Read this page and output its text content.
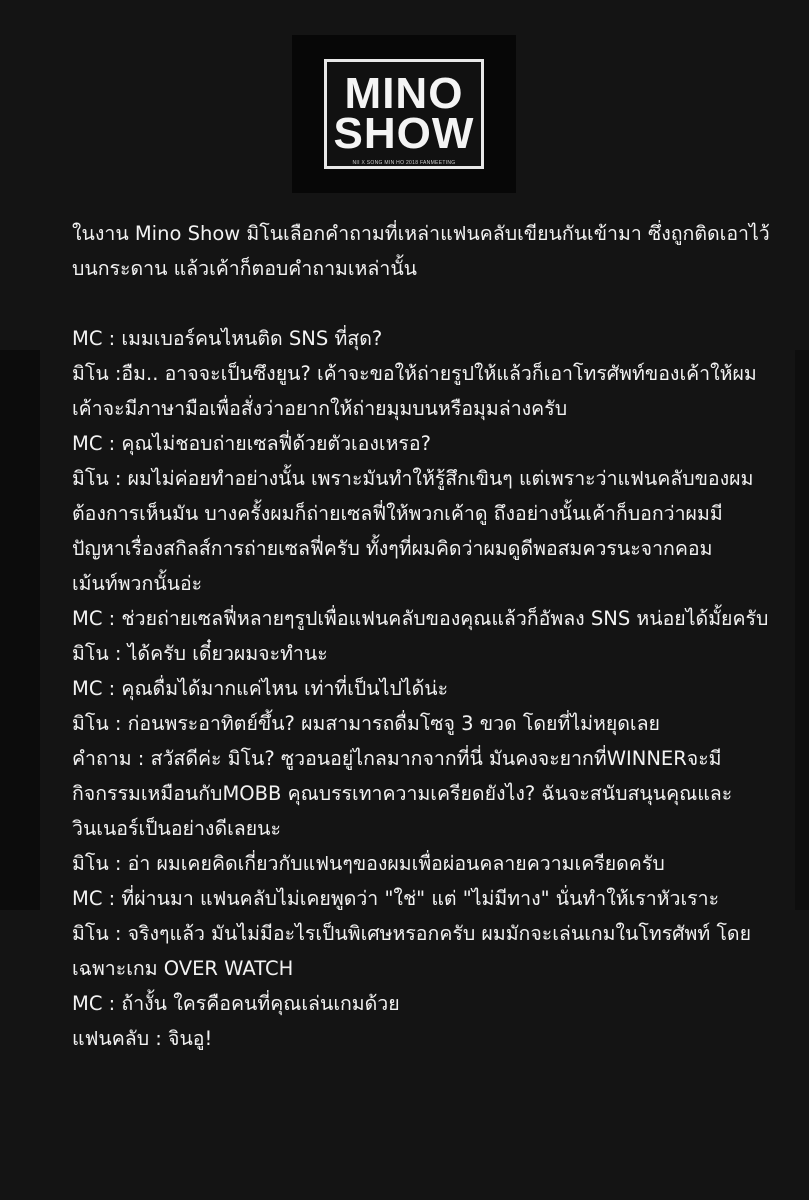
MINO
SHOW
NII X SONG MIN HO 2018 FANMEETING

ในงาน Mino Show มิโนเลือกคำถามที่เหล่าแฟนคลับเขียนกันเข้ามา ซึ่งถูกติดเอาไว้

บนกระดาน แล้วเค้าก็ตอบคำถามเหล่านั้น

MC : เมมเบอร์คนไหนติด SNS ที่สุด?

มิโน :อืม.. อาจจะเป็นซึงยูน? เค้าจะขอให้ถ่ายรูปให้แล้วก็เอาโทรศัพท์ของเค้าให้ผม

เค้าจะมีภาษามือเพื่อสั่งว่าอยากให้ถ่ายมุมบนหรือมุมล่างครับ

MC : คุณไม่ชอบถ่ายเซลฟี่ด้วยตัวเองเหรอ?

มิโน : ผมไม่ค่อยทำอย่างนั้น เพราะมันทำให้รู้สึกเขินๆ แต่เพราะว่าแฟนคลับของผม

ต้องการเห็นมัน บางครั้งผมก็ถ่ายเซลฟี่ให้พวกเค้าดู ถึงอย่างนั้นเค้าก็บอกว่าผมมี

ปัญหาเรื่องสกิลส์การถ่ายเซลฟี่ครับ ทั้งๆที่ผมคิดว่าผมดูดีพอสมควรนะจากคอม

เม้นท์พวกนั้นอ่ะ

MC : ช่วยถ่ายเซลฟี่หลายๆรูปเพื่อแฟนคลับของคุณแล้วก็อัพลง SNS หน่อยได้มั้ยครับ

มิโน : ได้ครับ เดี๋ยวผมจะทำนะ

MC : คุณดื่มได้มากแค่ไหน เท่าที่เป็นไปได้น่ะ

มิโน : ก่อนพระอาทิตย์ขึ้น? ผมสามารถดื่มโซจู 3 ขวด โดยที่ไม่หยุดเลย

คำถาม : สวัสดีค่ะ มิโน? ซูวอนอยู่ไกลมากจากที่นี่ มันคงจะยากที่WINNERจะมี

กิจกรรมเหมือนกับMOBB คุณบรรเทาความเครียดยังไง? ฉันจะสนับสนุนคุณและ

วินเนอร์เป็นอย่างดีเลยนะ

มิโน : อ่า ผมเคยคิดเกี่ยวกับแฟนๆของผมเพื่อผ่อนคลายความเครียดครับ

MC : ที่ผ่านมา แฟนคลับไม่เคยพูดว่า "ใช่" แต่ "ไม่มีทาง" นั่นทำให้เราหัวเราะ

มิโน : จริงๆแล้ว มันไม่มีอะไรเป็นพิเศษหรอกครับ ผมมักจะเล่นเกมในโทรศัพท์ โดย

เฉพาะเกม OVER WATCH

MC : ถ้างั้น ใครคือคนที่คุณเล่นเกมด้วย

แฟนคลับ : จินอู!
